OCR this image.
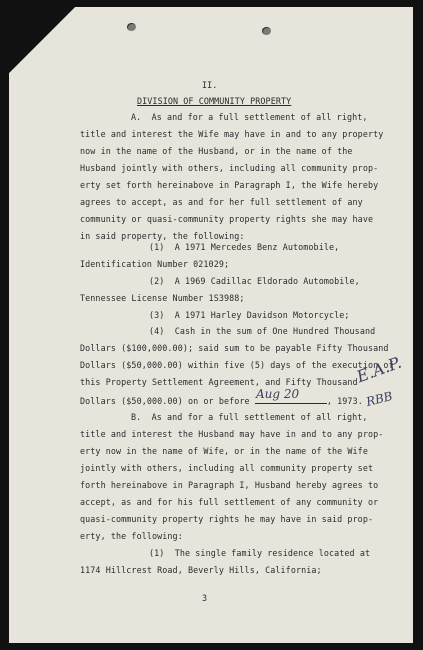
II.
DIVISION OF COMMUNITY PROPERTY
A.  As and for a full settlement of all right,
title and interest the Wife may have in and to any property
now in the name of the Husband, or in the name of the
Husband jointly with others, including all community prop-
erty set forth hereinabove in Paragraph I, the Wife hereby
agrees to accept, as and for her full settlement of any
community or quasi-community property rights she may have
in said property, the following:
(1)  A 1971 Mercedes Benz Automobile,
Identification Number 021029;
(2)  A 1969 Cadillac Eldorado Automobile,
Tennessee License Number 1S3988;
(3)  A 1971 Harley Davidson Motorcycle;
(4)  Cash in the sum of One Hundred Thousand
Dollars ($100,000.00); said sum to be payable Fifty Thousand
Dollars ($50,000.00) within five (5) days of the execution of
this Property Settlement Agreement, and Fifty Thousand
Dollars ($50,000.00) on or before	, 1973.
Aug 20
E.A.P.
RBB
B.  As and for a full settlement of all right,
title and interest the Husband may have in and to any prop-
erty now in the name of Wife, or in the name of the Wife
jointly with others, including all community property set
forth hereinabove in Paragraph I, Husband hereby agrees to
accept, as and for his full settlement of any community or
quasi-community property rights he may have in said prop-
erty, the following:
(1)  The single family residence located at
1174 Hillcrest Road, Beverly Hills, California;
3
